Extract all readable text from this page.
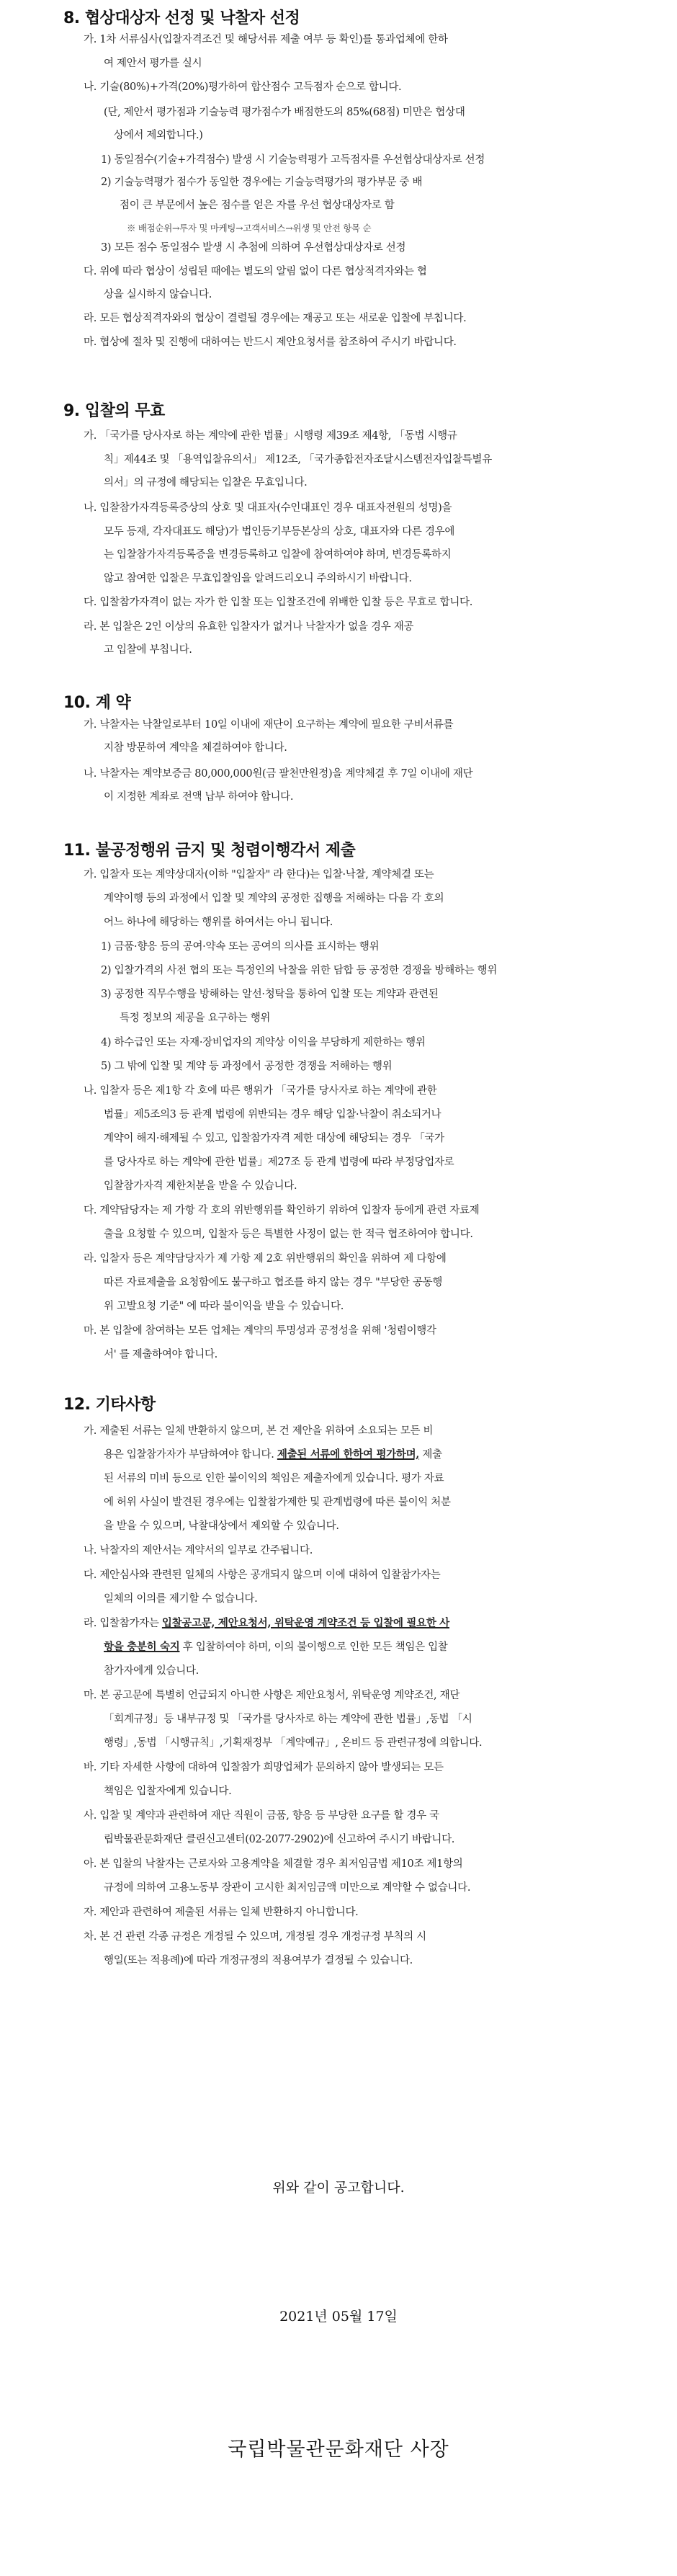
8. 협상대상자 선정 및 낙찰자 선정
가. 1차 서류심사(입찰자격조건 및 해당서류 제출 여부 등 확인)를 통과업체에 한하
여 제안서 평가를 실시
나. 기술(80%)+가격(20%)평가하여 합산점수 고득점자 순으로 합니다.
(단, 제안서 평가점과 기술능력 평가점수가 배점한도의 85%(68점) 미만은 협상대
상에서 제외합니다.)
1) 동일점수(기술+가격점수) 발생 시 기술능력평가 고득점자를 우선협상대상자로 선정
2) 기술능력평가 점수가 동일한 경우에는 기술능력평가의 평가부문 중 배
점이 큰 부문에서 높은 점수를 얻은 자를 우선 협상대상자로 함
※ 배점순위→투자 및 마케팅→고객서비스→위생 및 안전 항목 순
3) 모든 점수 동일점수 발생 시 추첨에 의하여 우선협상대상자로 선정
다. 위에 따라 협상이 성립된 때에는 별도의 알림 없이 다른 협상적격자와는 협
상을 실시하지 않습니다.
라. 모든 협상적격자와의 협상이 결렬될 경우에는 재공고 또는 새로운 입찰에 부칩니다.
마. 협상에 절차 및 진행에 대하여는 반드시 제안요청서를 참조하여 주시기 바랍니다.
9. 입찰의 무효
가. 「국가를 당사자로 하는 계약에 관한 법률」시행령 제39조 제4항, 「동법 시행규
칙」제44조 및 「용역입찰유의서」 제12조, 「국가종합전자조달시스템전자입찰특별유
의서」의 규정에 해당되는 입찰은 무효입니다.
나. 입찰참가자격등록증상의 상호 및 대표자(수인대표인 경우 대표자전원의 성명)을
모두 등재, 각자대표도 해당)가 법인등기부등본상의 상호, 대표자와 다른 경우에
는 입찰참가자격등록증을 변경등록하고 입찰에 참여하여야 하며, 변경등록하지
않고 참여한 입찰은 무효입찰임을 알려드리오니 주의하시기 바랍니다.
다. 입찰참가자격이 없는 자가 한 입찰 또는 입찰조건에 위배한 입찰 등은 무효로 합니다.
라. 본 입찰은 2인 이상의 유효한 입찰자가 없거나 낙찰자가 없을 경우 재공
고 입찰에 부칩니다.
10. 계 약
가. 낙찰자는 낙찰일로부터 10일 이내에 재단이 요구하는 계약에 필요한 구비서류를
지참 방문하여 계약을 체결하여야 합니다.
나. 낙찰자는 계약보증금 80,000,000원(금 팔천만원정)을 계약체결 후 7일 이내에 재단
이 지정한 계좌로 전액 납부 하여야 합니다.
11. 불공정행위 금지 및 청렴이행각서 제출
가. 입찰자 또는 계약상대자(이하 "입찰자" 라 한다)는 입찰·낙찰, 계약체결 또는
계약이행 등의 과정에서 입찰 및 계약의 공정한 집행을 저해하는 다음 각 호의
어느 하나에 해당하는 행위를 하여서는 아니 됩니다.
1) 금품·향응 등의 공여·약속 또는 공여의 의사를 표시하는 행위
2) 입찰가격의 사전 협의 또는 특정인의 낙찰을 위한 담합 등 공정한 경쟁을 방해하는 행위
3) 공정한 직무수행을 방해하는 알선·청탁을 통하여 입찰 또는 계약과 관련된
특정 정보의 제공을 요구하는 행위
4) 하수급인 또는 자재·장비업자의 계약상 이익을 부당하게 제한하는 행위
5) 그 밖에 입찰 및 계약 등 과정에서 공정한 경쟁을 저해하는 행위
나. 입찰자 등은 제1항 각 호에 따른 행위가 「국가를 당사자로 하는 계약에 관한
법률」제5조의3 등 관계 법령에 위반되는 경우 해당 입찰·낙찰이 취소되거나
계약이 해지·해제될 수 있고, 입찰참가자격 제한 대상에 해당되는 경우 「국가
를 당사자로 하는 계약에 관한 법률」제27조 등 관계 법령에 따라 부정당업자로
입찰참가자격 제한처분을 받을 수 있습니다.
다. 계약담당자는 제 가항 각 호의 위반행위를 확인하기 위하여 입찰자 등에게 관련 자료제
출을 요청할 수 있으며, 입찰자 등은 특별한 사정이 없는 한 적극 협조하여야 합니다.
라. 입찰자 등은 계약담당자가 제 가항 제 2호 위반행위의 확인을 위하여 제 다항에
따른 자료제출을 요청함에도 불구하고 협조를 하지 않는 경우 "부당한 공동행
위 고발요청 기준" 에 따라 불이익을 받을 수 있습니다.
마. 본 입찰에 참여하는 모든 업체는 계약의 투명성과 공정성을 위해 '청렴이행각
서' 를 제출하여야 합니다.
12. 기타사항
가. 제출된 서류는 일체 반환하지 않으며, 본 건 제안을 위하여 소요되는 모든 비
용은 입찰참가자가 부담하여야 합니다. 제출된 서류에 한하여 평가하며, 제출
된 서류의 미비 등으로 인한 불이익의 책임은 제출자에게 있습니다. 평가 자료
에 허위 사실이 발견된 경우에는 입찰참가제한 및 관계법령에 따른 불이익 처분
을 받을 수 있으며, 낙찰대상에서 제외할 수 있습니다.
나. 낙찰자의 제안서는 계약서의 일부로 간주됩니다.
다. 제안심사와 관련된 일체의 사항은 공개되지 않으며 이에 대하여 입찰참가자는
일체의 이의를 제기할 수 없습니다.
라. 입찰참가자는 입찰공고문, 제안요청서, 위탁운영 계약조건 등 입찰에 필요한 사
항을 충분히 숙지 후 입찰하여야 하며, 이의 불이행으로 인한 모든 책임은 입찰
참가자에게 있습니다.
마. 본 공고문에 특별히 언급되지 아니한 사항은 제안요청서, 위탁운영 계약조건, 재단
「회계규정」등 내부규정 및 「국가를 당사자로 하는 계약에 관한 법률」,동법 「시
행령」,동법 「시행규칙」,기획재정부 「계약예규」, 온비드 등 관련규정에 의합니다.
바. 기타 자세한 사항에 대하여 입찰참가 희망업체가 문의하지 않아 발생되는 모든
책임은 입찰자에게 있습니다.
사. 입찰 및 계약과 관련하여 재단 직원이 금품, 향응 등 부당한 요구를 할 경우 국
립박물관문화재단 클린신고센터(02-2077-2902)에 신고하여 주시기 바랍니다.
아. 본 입찰의 낙찰자는 근로자와 고용계약을 체결할 경우 최저임금법 제10조 제1항의
규정에 의하여 고용노동부 장관이 고시한 최저임금액 미만으로 계약할 수 없습니다.
자. 제안과 관련하여 제출된 서류는 일체 반환하지 아니합니다.
차. 본 건 관련 각종 규정은 개정될 수 있으며, 개정될 경우 개정규정 부칙의 시
행일(또는 적용례)에 따라 개정규정의 적용여부가 결정될 수 있습니다.
위와 같이 공고합니다.
2021년 05월 17일
국립박물관문화재단 사장
